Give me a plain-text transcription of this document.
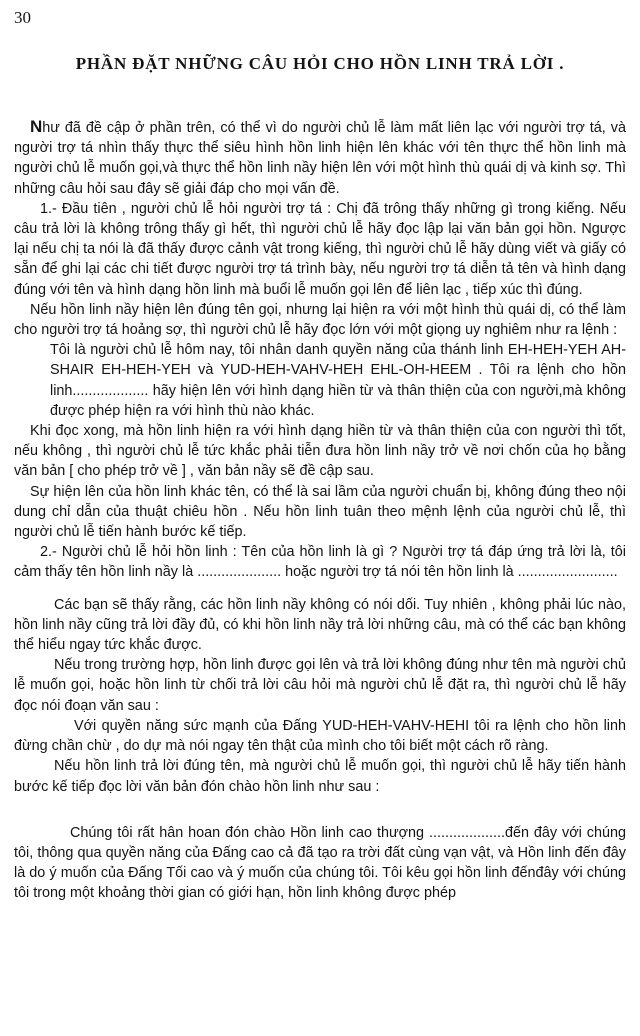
30
PHẦN ĐẶT NHỮNG CÂU HỎI CHO HỒN LINH TRẢ LỜI .

Như đã đề cập ở phần trên, có thể vì do người chủ lễ làm mất liên lạc với người trợ tá, và người trợ tá nhìn thấy thực thể siêu hình hồn linh hiện lên khác với tên thực thể hồn linh mà người chủ lễ muốn gọi,và thực thể hồn linh nầy hiện lên với một hình thù quái dị và kinh sợ. Thì những câu hỏi sau đây sẽ giải đáp cho mọi vấn đề.

1.- Đầu tiên , người chủ lễ hỏi người trợ tá : Chị đã trông thấy những gì trong kiếng. Nếu câu trả lời là không trông thấy gì hết, thì người chủ lễ hãy đọc lập lại văn bản gọi hồn. Ngược lại nếu chị ta nói là đã thấy được cảnh vật trong kiếng, thì người chủ lễ hãy dùng viết và giấy có sẵn để ghi lại các chi tiết được người trợ tá trình bày, nếu người trợ tá diễn tả tên và hình dạng đúng với tên và hình dạng hồn linh mà buổi lễ muốn gọi lên để liên lạc , tiếp xúc thì đúng.

Nếu hồn linh nầy hiện lên đúng tên gọi, nhưng lại hiện ra với một hình thù quái dị, có thể làm cho người trợ tá hoảng sợ, thì người chủ lễ hãy đọc lớn với một giọng uy nghiêm như ra lệnh :

Tôi là người chủ lễ hôm nay, tôi nhân danh quyền năng của thánh linh EH-HEH-YEH AH-SHAIR EH-HEH-YEH và YUD-HEH-VAHV-HEH EHL-OH-HEEM . Tôi ra lệnh cho hồn linh................... hãy hiện lên với hình dạng hiền từ và thân thiện của con người,mà không được phép hiện ra với hình thù nào khác.

Khi đọc xong, mà hồn linh hiện ra với hình dạng hiền từ và thân thiện của con người thì tốt, nếu không , thì người chủ lễ tức khắc phải tiễn đưa hồn linh nầy trở về nơi chốn của họ bằng văn bản [ cho phép trở về ] , văn bản nầy sẽ đề cập sau.

Sự hiện lên của hồn linh khác tên, có thể là sai lầm của người chuẩn bị, không đúng theo nội dung chỉ dẫn của thuật chiêu hồn . Nếu hồn linh tuân theo mệnh lệnh của người chủ lễ, thì người chủ lễ tiến hành bước kế tiếp.

2.- Người chủ lễ hỏi hồn linh : Tên của hồn linh là gì ? Người trợ tá đáp ứng trả lời là, tôi cảm thấy tên hồn linh nầy là ..................... hoặc người trợ tá nói tên hồn linh là .........................

Các bạn sẽ thấy rằng, các hồn linh nầy không có nói dối. Tuy nhiên , không phải lúc nào, hồn linh nầy cũng trả lời đầy đủ, có khi hồn linh nầy trả lời những câu, mà có thể các bạn không thể hiểu ngay tức khắc được.

Nếu trong trường hợp, hồn linh được gọi lên và trả lời không đúng như tên mà người chủ lễ muốn gọi, hoặc hồn linh từ chối trả lời câu hỏi mà người chủ lễ đặt ra, thì người chủ lễ hãy đọc nói đoạn văn sau :

Với quyền năng sức mạnh của Đấng YUD-HEH-VAHV-HEHI tôi ra lệnh cho hồn linh đừng chần chừ , do dự mà nói ngay tên thật của mình cho tôi biết một cách rõ ràng.

Nếu hồn linh trả lời đúng tên, mà người chủ lễ muốn gọi, thì người chủ lễ hãy tiến hành bước kế tiếp đọc lời văn bản đón chào hồn linh như sau :

Chúng tôi rất hân hoan đón chào Hồn linh cao thượng ...................đến đây với chúng tôi, thông qua quyền năng của Đấng cao cả đã tạo ra trời đất cùng vạn vật, và Hồn linh đến đây là do ý muốn của Đấng Tối cao và ý muốn của chúng tôi. Tôi kêu gọi hồn linh đếnđây với chúng tôi trong một khoảng thời gian có giới hạn, hồn linh không được phép
